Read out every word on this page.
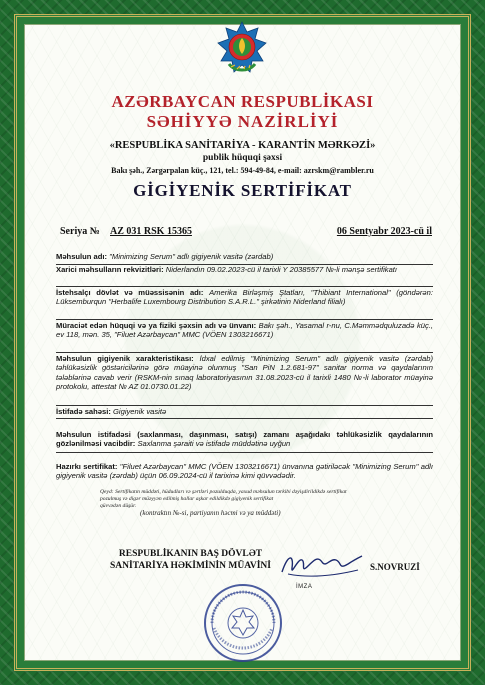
AZƏRBAYCAN RESPUBLİKASI
SƏHİYYƏ NAZİRLİYİ
«RESPUBLİKA SANİTARİYA - KARANTİN MƏRKƏZİ»
publik hüquqi şəxsi
Bakı şəh., Zərgərpalan küç., 121, tel.: 594-49-84, e-mail: azrskm@rambler.ru
GİGİYENİK SERTİFİKAT
Seriya № AZ 031 RSK 15365	06 Sentyabr 2023-cü il
Məhsulun adı: "Minimizing Serum" adlı gigiyenik vasitə (zərdab)
Xarici məhsulların rekvizitləri: Niderlandın 09.02.2023-cü il tarixli Y 20385577 №-li mənşə sertifikatı
İstehsalçı dövlət və müəssisənin adı: Amerika Birləşmiş Ştatları, "Thibiant International" (göndərən: Lüksemburqun "Herbalife Luxembourg Distribution S.A.R.L." şirkətinin Niderland filialı)
Müraciət edən hüquqi və ya fiziki şəxsin adı və ünvanı: Bakı şəh., Yasamal r-nu, C.Məmmədquluzadə küç., ev 118, mən. 35, "Filuet Azərbaycan" MMC (VÖEN 1303216671)
Məhsulun gigiyenik xarakteristikası: İdxal edilmiş "Minimizing Serum" adlı gigiyenik vasitə (zərdab) təhlükəsizlik göstəricilərinə görə müayinə olunmuş "San PiN 1.2.681-97" sanitar norma və qaydalarının tələblərinə cavab verir (RSKM-nin sınaq laboratoriyasının 31.08.2023-cü il tarixli 1480 №-li laborator müayinə protokolu, attestat № AZ 01.0730.01.22)
İstifadə sahəsi: Gigiyenik vasitə
Məhsulun istifadəsi (saxlanması, daşınması, satışı) zamanı aşağıdakı təhlükəsizlik qaydalarının gözlənilməsi vacibdir: Saxlanma şəraiti və istifadə müddətinə uyğun
Hazırkı sertifikat: "Filuet Azərbaycan" MMC (VÖEN 1303216671) ünvanına gətiriləcək "Minimizing Serum" adlı gigiyenik vasitə (zərdab) üçün 06.09.2024-cü il tarixinə kimi qüvvədədir.
Qeyd: Sertifikatın müddəti, hüdudları və şərtləri pozulduqda, yaxud məhsulun tərkibi dəyişdirildikdə sertifikat
pozulmuş və digər müəyyən edilmiş hallar aşkar edildikdə gigiyenik sertifikat
qüvvədən düşür.
(kontraktın №-si, partiyanın həcmi və ya müddəti)
RESPUBLİKANIN BAŞ DÖVLƏT
SANİTARİYA HƏKİMİNİN MÜAVİNİ
İMZA
S.NOVRUZİ
